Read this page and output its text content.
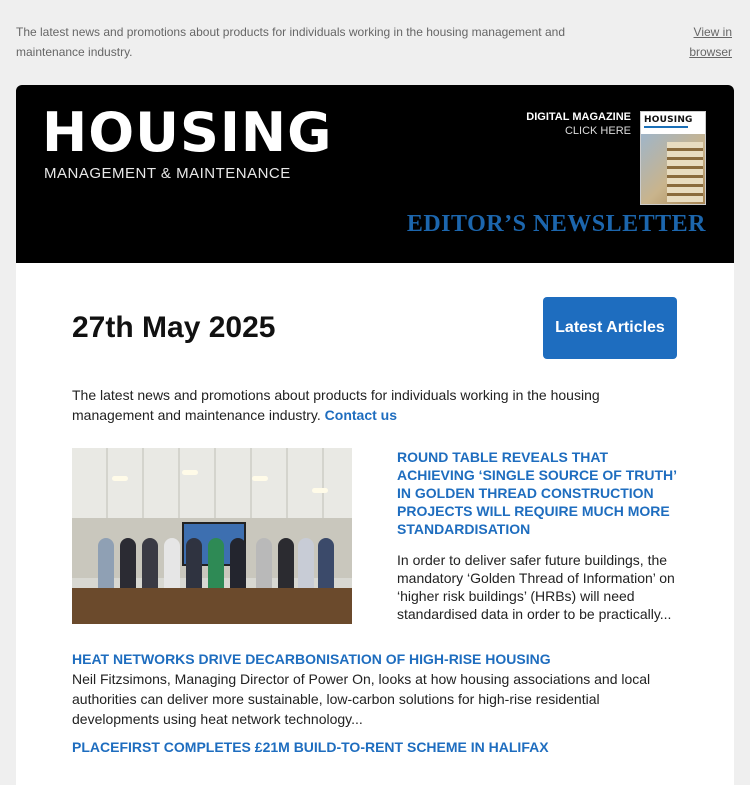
The latest news and promotions about products for individuals working in the housing management and maintenance industry.
View in browser
HOUSING
MANAGEMENT & MAINTENANCE
DIGITAL MAGAZINE
CLICK HERE
HOUSING
EDITOR’S NEWSLETTER
27th May 2025	Latest Articles
The latest news and promotions about products for individuals working in the housing management and maintenance industry. Contact us
ROUND TABLE REVEALS THAT ACHIEVING ‘SINGLE SOURCE OF TRUTH’ IN GOLDEN THREAD CONSTRUCTION PROJECTS WILL REQUIRE MUCH MORE STANDARDISATION
In order to deliver safer future buildings, the mandatory ‘Golden Thread of Information’ on ‘higher risk buildings’ (HRBs) will need standardised data in order to be practically...
HEAT NETWORKS DRIVE DECARBONISATION OF HIGH-RISE HOUSING
Neil Fitzsimons, Managing Director of Power On, looks at how housing associations and local authorities can deliver more sustainable, low-carbon solutions for high-rise residential developments using heat network technology...
PLACEFIRST COMPLETES £21M BUILD-TO-RENT SCHEME IN HALIFAX
